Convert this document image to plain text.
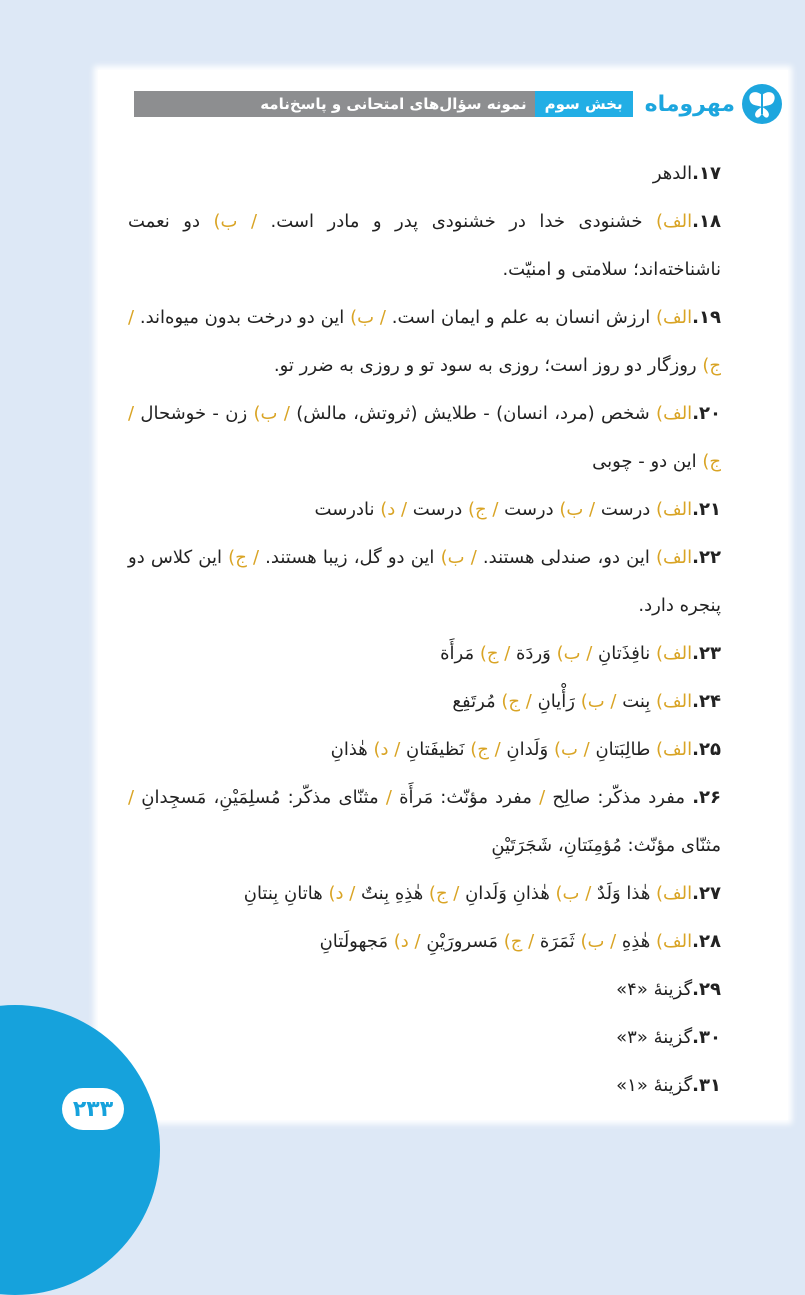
مهروماه
بخش سوم
نمونه سؤال‌های امتحانی و پاسخ‌نامه

۱۷.الدهر

۱۸.الف) خشنودی خدا در خشنودی پدر و مادر است. / ب) دو نعمت ناشناخته‌اند؛ سلامتی و امنیّت.

۱۹.الف) ارزش انسان به علم و ایمان است. / ب) این دو درخت بدون میوه‌اند. / ج) روزگار دو روز است؛ روزی به سود تو و روزی به ضرر تو.

۲۰.الف) شخص (مرد، انسان) - طلایش (ثروتش، مالش) / ب) زن - خوشحال / ج) این دو - چوبی

۲۱.الف) درست / ب) درست / ج) درست / د) نادرست

۲۲.الف) این دو، صندلی هستند. / ب) این دو گل، زیبا هستند. / ج) این کلاس دو پنجره دارد.

۲۳.الف) نافِذَتانِ / ب) وَردَة / ج) مَرأَة

۲۴.الف) بِنت / ب) رَأْیانِ / ج) مُرتَفِع

۲۵.الف) طالِبَتانِ / ب) وَلَدانِ / ج) نَظیفَتانِ / د) هٰذانِ

۲۶. مفرد مذکّر: صالِح / مفرد مؤنّث: مَرأَة / مثنّای مذکّر: مُسلِمَیْنِ، مَسجِدانِ / مثنّای مؤنّث: مُؤمِنَتانِ، شَجَرَتَیْنِ

۲۷.الف) هٰذا وَلَدٌ / ب) هٰذانِ وَلَدانِ / ج) هٰذِهِ بِنتٌ / د) هاتانِ بِنتانِ

۲۸.الف) هٰذِهِ / ب) ثَمَرَة / ج) مَسرورَیْنِ / د) مَجهولَتانِ

۲۹.گزینهٔ «۴»

۳۰.گزینهٔ «۳»

۳۱.گزینهٔ «۱»

۲۳۳
